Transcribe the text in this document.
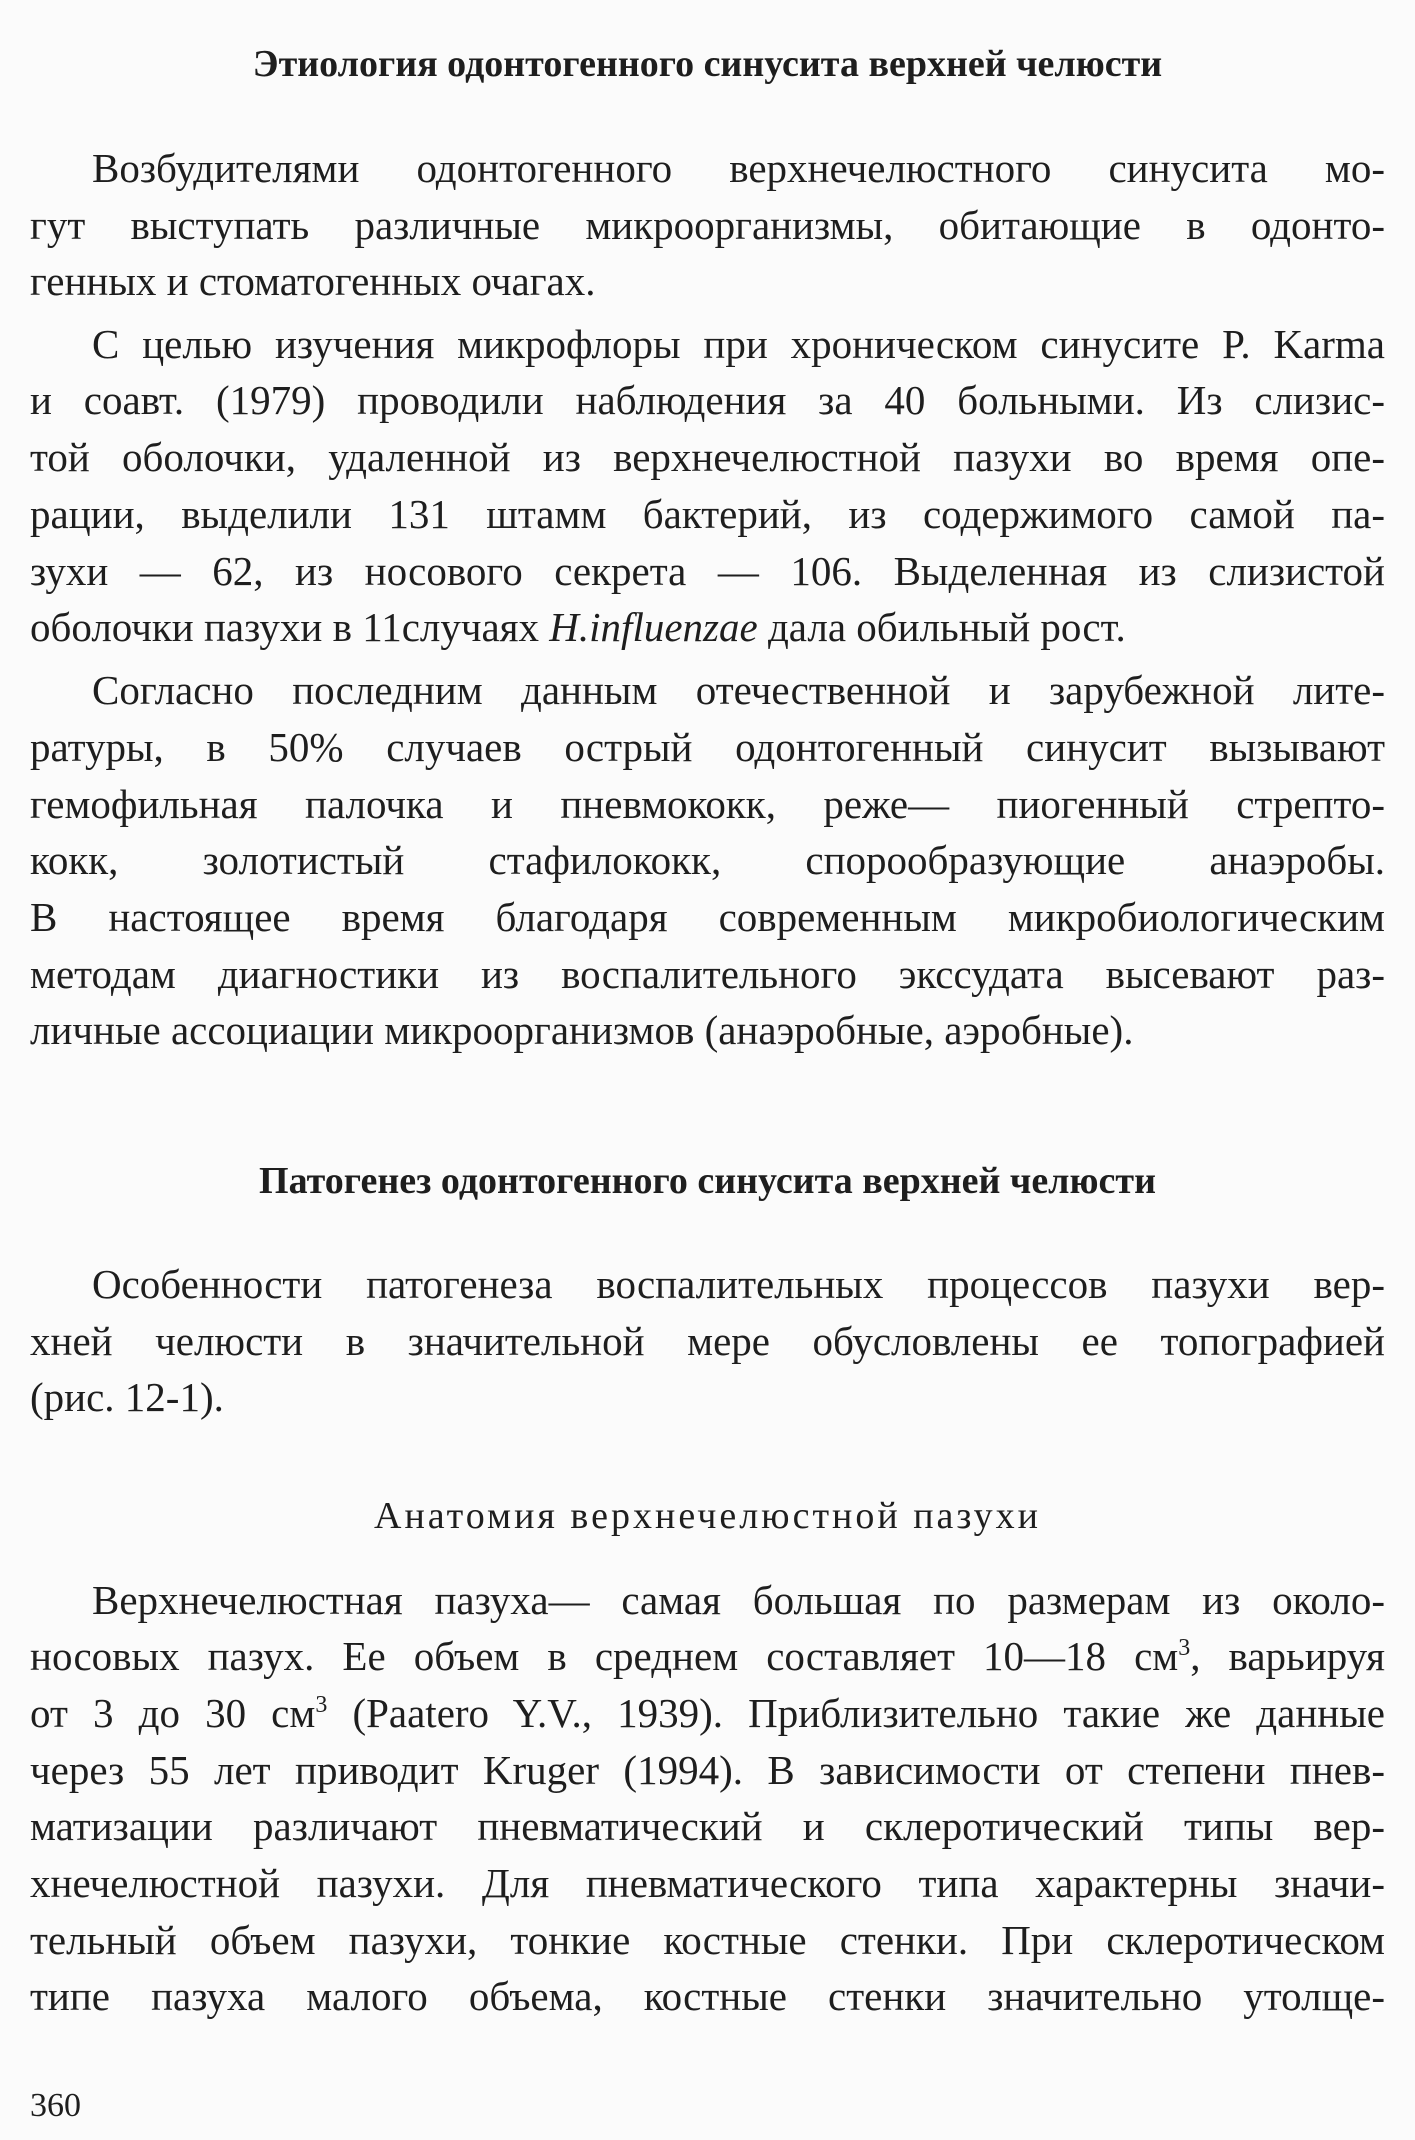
Этиология одонтогенного синусита верхней челюсти
Возбудителями одонтогенного верхнечелюстного синусита мо-
гут выступать различные микроорганизмы, обитающие в одонто-
генных и стоматогенных очагах.
С целью изучения микрофлоры при хроническом синусите P. Karma
и соавт. (1979) проводили наблюдения за 40 больными. Из слизис-
той оболочки, удаленной из верхнечелюстной пазухи во время опе-
рации, выделили 131 штамм бактерий, из содержимого самой па-
зухи — 62, из носового секрета — 106. Выделенная из слизистой
оболочки пазухи в 11случаях H.influenzae дала обильный рост.
Согласно последним данным отечественной и зарубежной лите-
ратуры, в 50% случаев острый одонтогенный синусит вызывают
гемофильная палочка и пневмококк, реже— пиогенный стрепто-
кокк, золотистый стафилококк, спорообразующие анаэробы.
В настоящее время благодаря современным микробиологическим
методам диагностики из воспалительного экссудата высевают раз-
личные ассоциации микроорганизмов (анаэробные, аэробные).
Патогенез одонтогенного синусита верхней челюсти
Особенности патогенеза воспалительных процессов пазухи вер-
хней челюсти в значительной мере обусловлены ее топографией
(рис. 12-1).
Анатомия верхнечелюстной пазухи
Верхнечелюстная пазуха— самая большая по размерам из около-
носовых пазух. Ее объем в среднем составляет 10—18 $см^3$, варьируя
от 3 до 30 $см^3$ (Paatero Y.V., 1939). Приблизительно такие же данные
через 55 лет приводит Kruger (1994). В зависимости от степени пнев-
матизации различают пневматический и склеротический типы вер-
хнечелюстной пазухи. Для пневматического типа характерны значи-
тельный объем пазухи, тонкие костные стенки. При склеротическом
типе пазуха малого объема, костные стенки значительно утолще-
360
